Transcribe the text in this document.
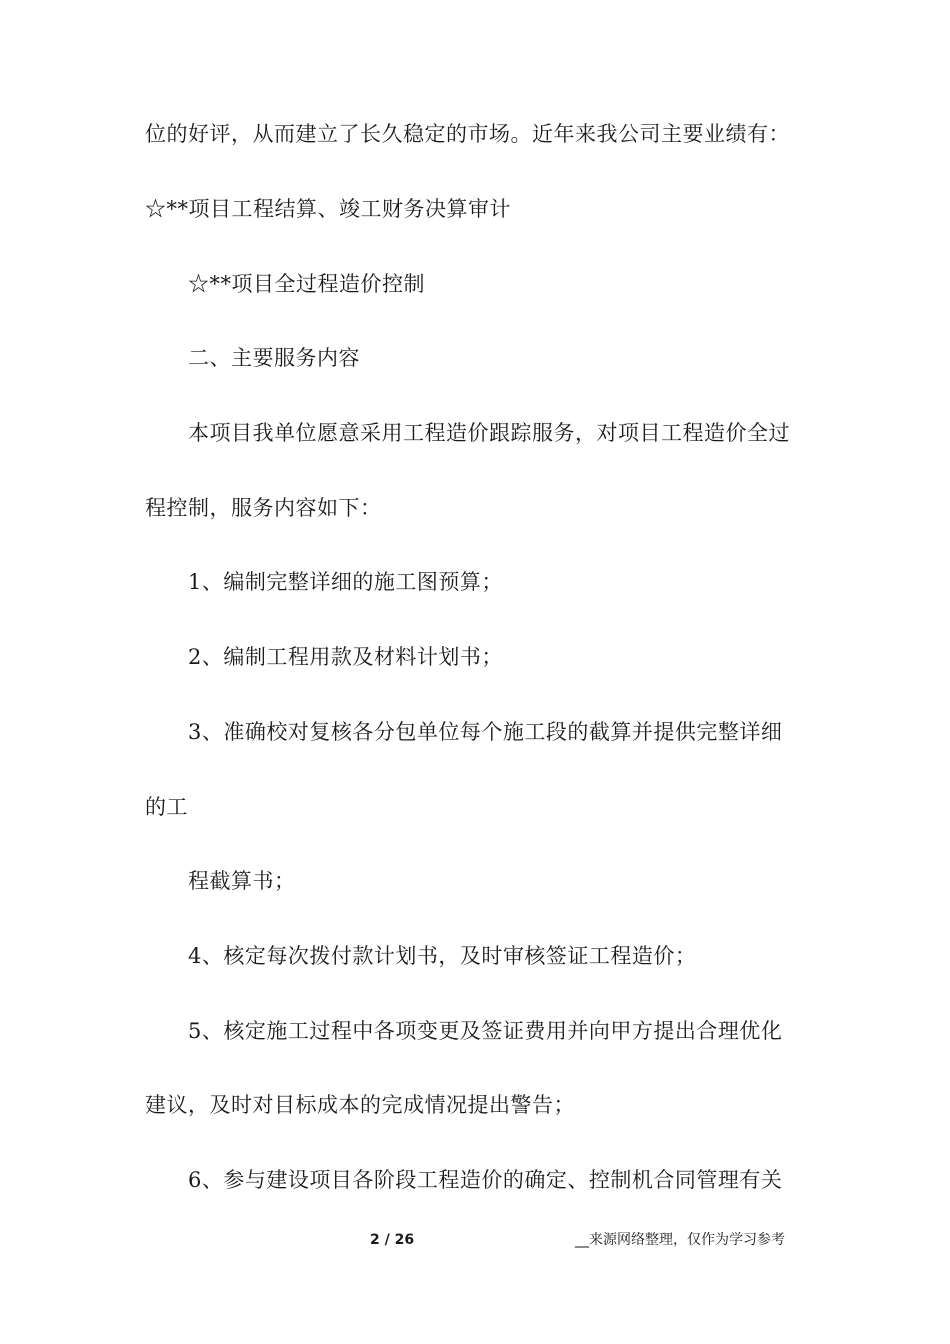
位的好评，从而建立了长久稳定的市场。近年来我公司主要业绩有：
☆**项目工程结算、竣工财务决算审计
☆**项目全过程造价控制
二、主要服务内容
本项目我单位愿意采用工程造价跟踪服务，对项目工程造价全过
程控制，服务内容如下：
1、编制完整详细的施工图预算；
2、编制工程用款及材料计划书；
3、准确校对复核各分包单位每个施工段的截算并提供完整详细
的工
程截算书；
4、核定每次拨付款计划书，及时审核签证工程造价；
5、核定施工过程中各项变更及签证费用并向甲方提出合理优化
建议，及时对目标成本的完成情况提出警告；
6、参与建设项目各阶段工程造价的确定、控制机合同管理有关
2 / 26	__来源网络整理，仅作为学习参考
